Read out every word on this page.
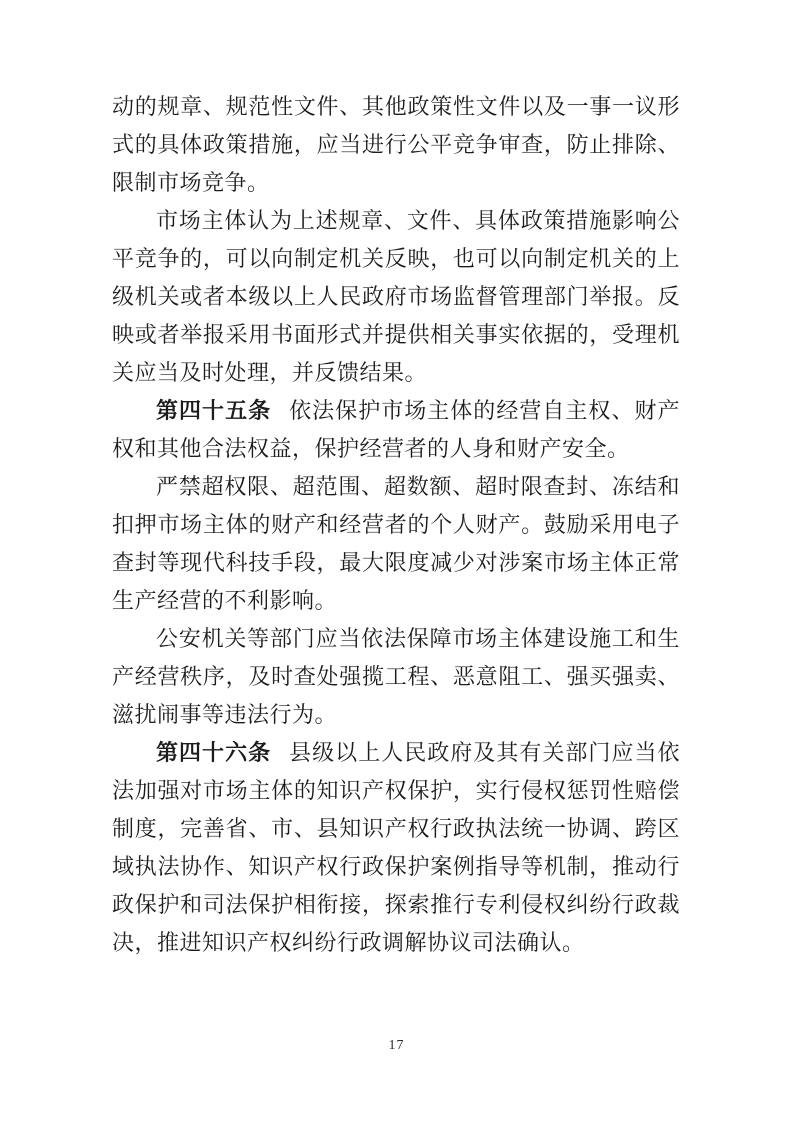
动的规章、规范性文件、其他政策性文件以及一事一议形式的具体政策措施，应当进行公平竞争审查，防止排除、限制市场竞争。

市场主体认为上述规章、文件、具体政策措施影响公平竞争的，可以向制定机关反映，也可以向制定机关的上级机关或者本级以上人民政府市场监督管理部门举报。反映或者举报采用书面形式并提供相关事实依据的，受理机关应当及时处理，并反馈结果。

第四十五条 依法保护市场主体的经营自主权、财产权和其他合法权益，保护经营者的人身和财产安全。

严禁超权限、超范围、超数额、超时限查封、冻结和扣押市场主体的财产和经营者的个人财产。鼓励采用电子查封等现代科技手段，最大限度减少对涉案市场主体正常生产经营的不利影响。

公安机关等部门应当依法保障市场主体建设施工和生产经营秩序，及时查处强揽工程、恶意阻工、强买强卖、滋扰闹事等违法行为。

第四十六条 县级以上人民政府及其有关部门应当依法加强对市场主体的知识产权保护，实行侵权惩罚性赔偿制度，完善省、市、县知识产权行政执法统一协调、跨区域执法协作、知识产权行政保护案例指导等机制，推动行政保护和司法保护相衔接，探索推行专利侵权纠纷行政裁决，推进知识产权纠纷行政调解协议司法确认。

17
